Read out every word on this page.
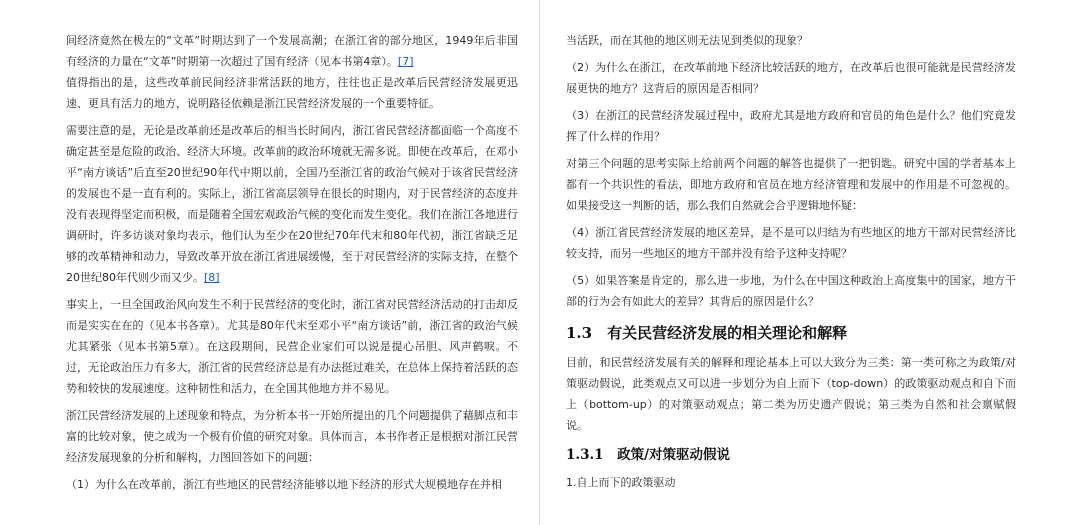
间经济竟然在极左的“文革”时期达到了一个发展高潮；在浙江省的部分地区，1949年后非国有经济的力量在“文革”时期第一次超过了国有经济（见本书第4章）。[7]

值得指出的是，这些改革前民间经济非常活跃的地方，往往也正是改革后民营经济发展更迅速、更具有活力的地方，说明路径依赖是浙江民营经济发展的一个重要特征。

需要注意的是，无论是改革前还是改革后的相当长时间内，浙江省民营经济都面临一个高度不确定甚至是危险的政治、经济大环境。改革前的政治环境就无需多说。即使在改革后，在邓小平“南方谈话”后直至20世纪90年代中期以前，全国乃至浙江省的政治气候对于该省民营经济的发展也不是一直有利的。实际上，浙江省高层领导在很长的时期内，对于民营经济的态度并没有表现得坚定而积极，而是随着全国宏观政治气候的变化而发生变化。我们在浙江各地进行调研时，许多访谈对象均表示，他们认为至少在20世纪70年代末和80年代初，浙江省缺乏足够的改革精神和动力，导致改革开放在浙江省进展缓慢，至于对民营经济的实际支持，在整个20世纪80年代则少而又少。[8]

事实上，一旦全国政治风向发生不利于民营经济的变化时，浙江省对民营经济活动的打击却反而是实实在在的（见本书各章）。尤其是80年代末至邓小平“南方谈话”前，浙江省的政治气候尤其紧张（见本书第5章）。在这段期间，民营企业家们可以说是提心吊胆、风声鹤唳。不过，无论政治压力有多大，浙江省的民营经济总是有办法挺过难关，在总体上保持着活跃的态势和较快的发展速度。这种韧性和活力，在全国其他地方并不易见。

浙江民营经济发展的上述现象和特点，为分析本书一开始所提出的几个问题提供了藉脚点和丰富的比较对象，使之成为一个极有价值的研究对象。具体而言，本书作者正是根据对浙江民营经济发展现象的分析和解构，力图回答如下的问题：

（1）为什么在改革前，浙江有些地区的民营经济能够以地下经济的形式大规模地存在并相

当活跃，而在其他的地区则无法见到类似的现象？

（2）为什么在浙江，在改革前地下经济比较活跃的地方，在改革后也很可能就是民营经济发展更快的地方？这背后的原因是否相同？

（3）在浙江的民营经济发展过程中，政府尤其是地方政府和官员的角色是什么？他们究竟发挥了什么样的作用？

对第三个问题的思考实际上给前两个问题的解答也提供了一把钥匙。研究中国的学者基本上都有一个共识性的看法，即地方政府和官员在地方经济管理和发展中的作用是不可忽视的。如果接受这一判断的话，那么我们自然就会合乎逻辑地怀疑：

（4）浙江省民营经济发展的地区差异，是不是可以归结为有些地区的地方干部对民营经济比较支持，而另一些地区的地方干部并没有给予这种支持呢？

（5）如果答案是肯定的，那么进一步地，为什么在中国这种政治上高度集中的国家，地方干部的行为会有如此大的差异？其背后的原因是什么？

1.3　有关民营经济发展的相关理论和解释

目前，和民营经济发展有关的解释和理论基本上可以大致分为三类：第一类可称之为政策/对策驱动假说，此类观点又可以进一步划分为自上而下（top-down）的政策驱动观点和自下而上（bottom-up）的对策驱动观点；第二类为历史遗产假说；第三类为自然和社会禀赋假说。

1.3.1　政策/对策驱动假说

1.自上而下的政策驱动
